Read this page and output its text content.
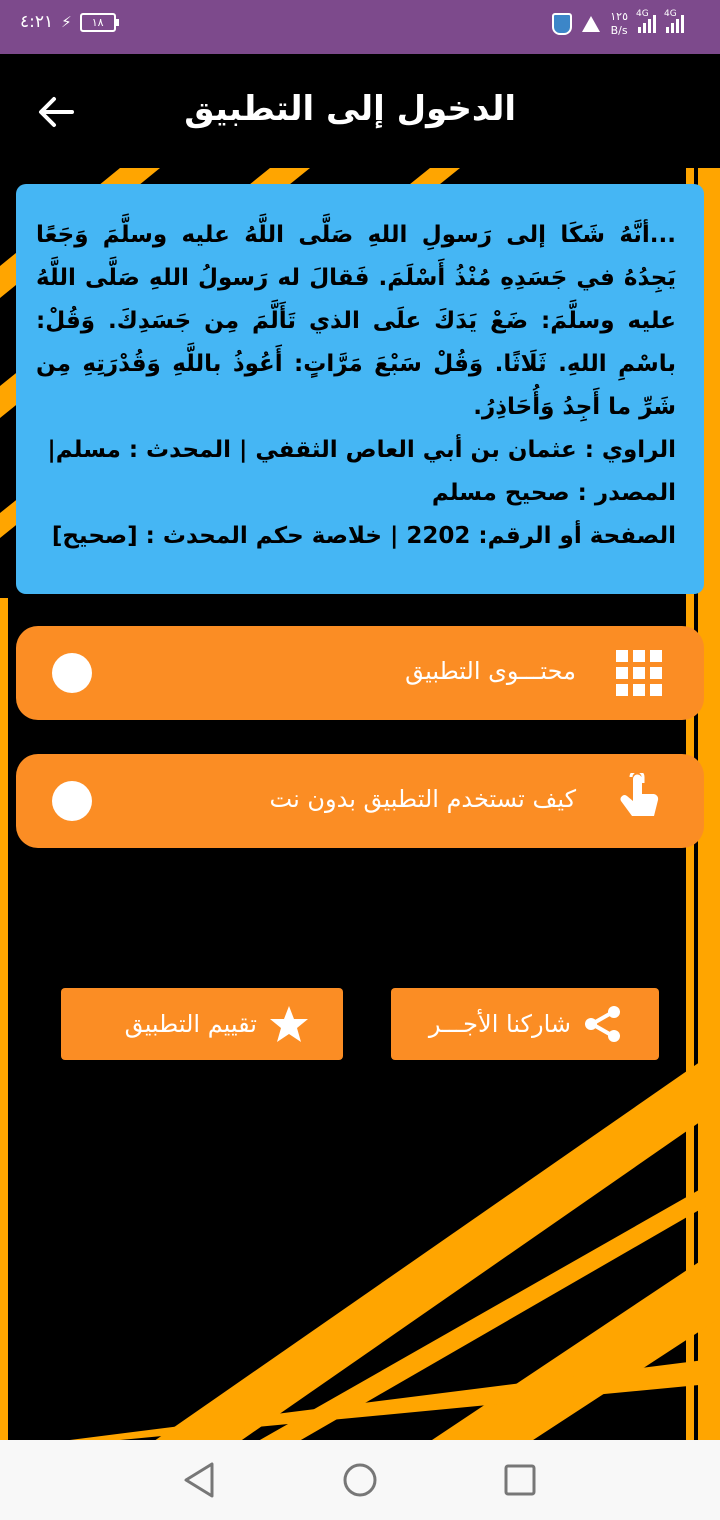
٤:٢١ ⚡	١٨	١٢٥
B/s
4G 4G
الدخول إلى التطبيق

...أنَّهُ شَكَا إلى رَسولِ اللهِ صَلَّى اللَّهُ عليه وسلَّمَ وَجَعًا يَجِدُهُ في جَسَدِهِ مُنْذُ أَسْلَمَ. فَقالَ له رَسولُ اللهِ صَلَّى اللَّهُ عليه وسلَّمَ: ضَعْ يَدَكَ علَى الذي تَأَلَّمَ مِن جَسَدِكَ. وَقُلْ: باسْمِ اللهِ. ثَلَاثًا. وَقُلْ سَبْعَ مَرَّاتٍ: أَعُوذُ باللَّهِ وَقُدْرَتِهِ مِن شَرِّ ما أَجِدُ وَأُحَاذِرُ.

الراوي : عثمان بن أبي العاص الثقفي | المحدث : مسلم|
المصدر : صحيح مسلم
الصفحة أو الرقم: 2202 | خلاصة حكم المحدث : [صحيح]
محتـــوى التطبيق
كيف تستخدم التطبيق بدون نت
شاركنا الأجـــر
تقييم التطبيق
